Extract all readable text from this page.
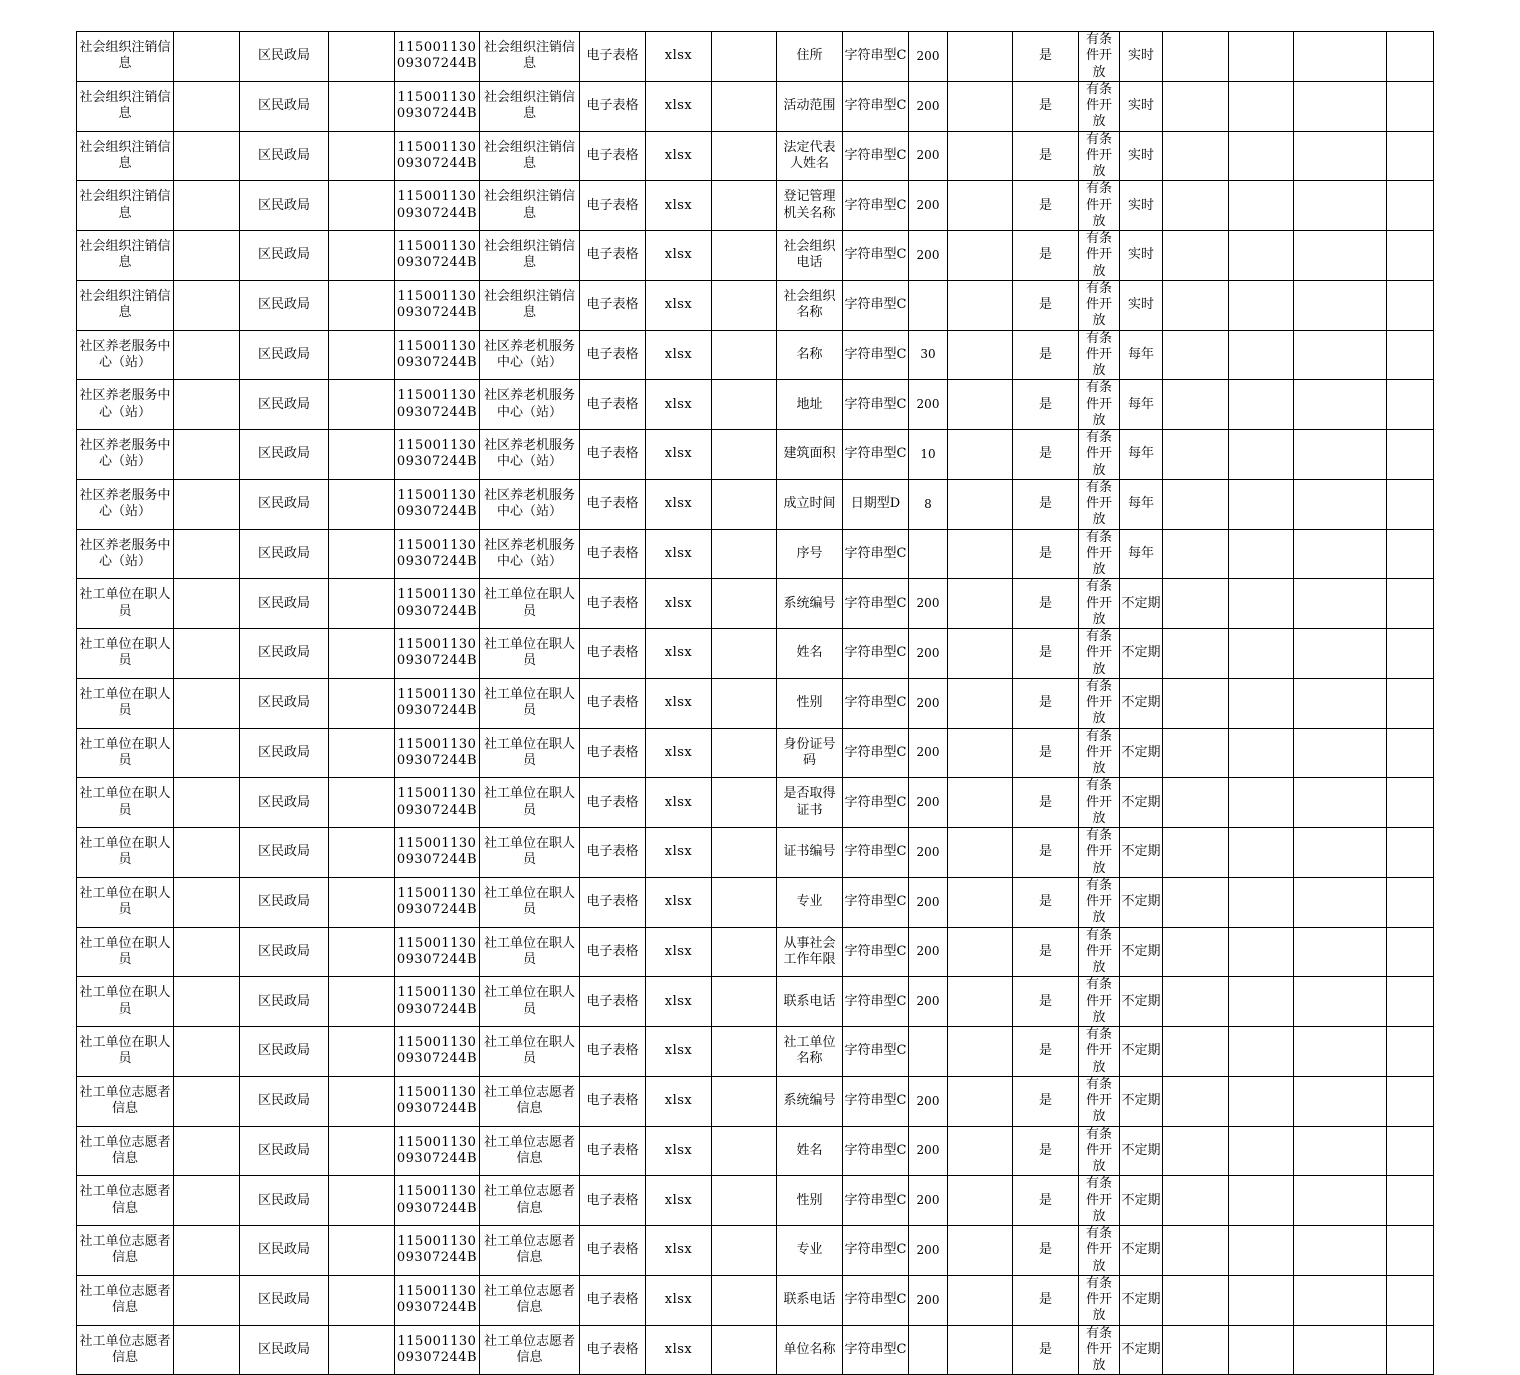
社会组织注销信息		区民政局		11500113009307244B	社会组织注销信息	电子表格	xlsx		住所	字符串型C	200		是	有条件开放	实时				
社会组织注销信息		区民政局		11500113009307244B	社会组织注销信息	电子表格	xlsx		活动范围	字符串型C	200		是	有条件开放	实时				
社会组织注销信息		区民政局		11500113009307244B	社会组织注销信息	电子表格	xlsx		法定代表人姓名	字符串型C	200		是	有条件开放	实时				
社会组织注销信息		区民政局		11500113009307244B	社会组织注销信息	电子表格	xlsx		登记管理机关名称	字符串型C	200		是	有条件开放	实时				
社会组织注销信息		区民政局		11500113009307244B	社会组织注销信息	电子表格	xlsx		社会组织电话	字符串型C	200		是	有条件开放	实时				
社会组织注销信息		区民政局		11500113009307244B	社会组织注销信息	电子表格	xlsx		社会组织名称	字符串型C			是	有条件开放	实时				
社区养老服务中心（站）		区民政局		11500113009307244B	社区养老机服务中心（站）	电子表格	xlsx		名称	字符串型C	30		是	有条件开放	每年				
社区养老服务中心（站）		区民政局		11500113009307244B	社区养老机服务中心（站）	电子表格	xlsx		地址	字符串型C	200		是	有条件开放	每年				
社区养老服务中心（站）		区民政局		11500113009307244B	社区养老机服务中心（站）	电子表格	xlsx		建筑面积	字符串型C	10		是	有条件开放	每年				
社区养老服务中心（站）		区民政局		11500113009307244B	社区养老机服务中心（站）	电子表格	xlsx		成立时间	日期型D	8		是	有条件开放	每年				
社区养老服务中心（站）		区民政局		11500113009307244B	社区养老机服务中心（站）	电子表格	xlsx		序号	字符串型C			是	有条件开放	每年				
社工单位在职人员		区民政局		11500113009307244B	社工单位在职人员	电子表格	xlsx		系统编号	字符串型C	200		是	有条件开放	不定期				
社工单位在职人员		区民政局		11500113009307244B	社工单位在职人员	电子表格	xlsx		姓名	字符串型C	200		是	有条件开放	不定期				
社工单位在职人员		区民政局		11500113009307244B	社工单位在职人员	电子表格	xlsx		性别	字符串型C	200		是	有条件开放	不定期				
社工单位在职人员		区民政局		11500113009307244B	社工单位在职人员	电子表格	xlsx		身份证号码	字符串型C	200		是	有条件开放	不定期				
社工单位在职人员		区民政局		11500113009307244B	社工单位在职人员	电子表格	xlsx		是否取得证书	字符串型C	200		是	有条件开放	不定期				
社工单位在职人员		区民政局		11500113009307244B	社工单位在职人员	电子表格	xlsx		证书编号	字符串型C	200		是	有条件开放	不定期				
社工单位在职人员		区民政局		11500113009307244B	社工单位在职人员	电子表格	xlsx		专业	字符串型C	200		是	有条件开放	不定期				
社工单位在职人员		区民政局		11500113009307244B	社工单位在职人员	电子表格	xlsx		从事社会工作年限	字符串型C	200		是	有条件开放	不定期				
社工单位在职人员		区民政局		11500113009307244B	社工单位在职人员	电子表格	xlsx		联系电话	字符串型C	200		是	有条件开放	不定期				
社工单位在职人员		区民政局		11500113009307244B	社工单位在职人员	电子表格	xlsx		社工单位名称	字符串型C			是	有条件开放	不定期				
社工单位志愿者信息		区民政局		11500113009307244B	社工单位志愿者信息	电子表格	xlsx		系统编号	字符串型C	200		是	有条件开放	不定期				
社工单位志愿者信息		区民政局		11500113009307244B	社工单位志愿者信息	电子表格	xlsx		姓名	字符串型C	200		是	有条件开放	不定期				
社工单位志愿者信息		区民政局		11500113009307244B	社工单位志愿者信息	电子表格	xlsx		性别	字符串型C	200		是	有条件开放	不定期				
社工单位志愿者信息		区民政局		11500113009307244B	社工单位志愿者信息	电子表格	xlsx		专业	字符串型C	200		是	有条件开放	不定期				
社工单位志愿者信息		区民政局		11500113009307244B	社工单位志愿者信息	电子表格	xlsx		联系电话	字符串型C	200		是	有条件开放	不定期				
社工单位志愿者信息		区民政局		11500113009307244B	社工单位志愿者信息	电子表格	xlsx		单位名称	字符串型C			是	有条件开放	不定期				
